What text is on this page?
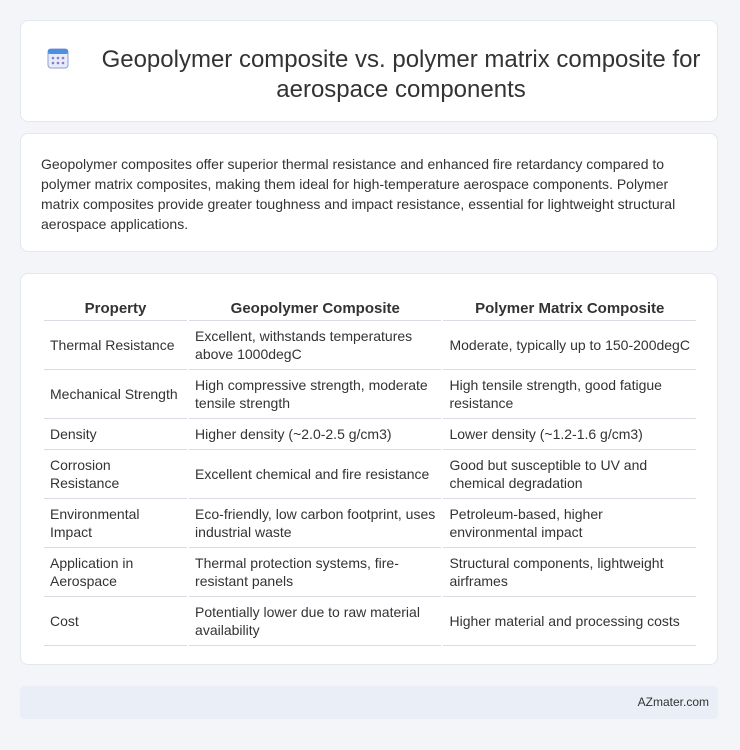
Geopolymer composite vs. polymer matrix composite for aerospace components
Geopolymer composites offer superior thermal resistance and enhanced fire retardancy compared to polymer matrix composites, making them ideal for high-temperature aerospace components. Polymer matrix composites provide greater toughness and impact resistance, essential for lightweight structural aerospace applications.
Property	Geopolymer Composite	Polymer Matrix Composite
Thermal Resistance	Excellent, withstands temperatures above 1000degC	Moderate, typically up to 150-200degC
Mechanical Strength	High compressive strength, moderate tensile strength	High tensile strength, good fatigue resistance
Density	Higher density (~2.0-2.5 g/cm3)	Lower density (~1.2-1.6 g/cm3)
Corrosion Resistance	Excellent chemical and fire resistance	Good but susceptible to UV and chemical degradation
Environmental Impact	Eco-friendly, low carbon footprint, uses industrial waste	Petroleum-based, higher environmental impact
Application in Aerospace	Thermal protection systems, fire-resistant panels	Structural components, lightweight airframes
Cost	Potentially lower due to raw material availability	Higher material and processing costs
AZmater.com
